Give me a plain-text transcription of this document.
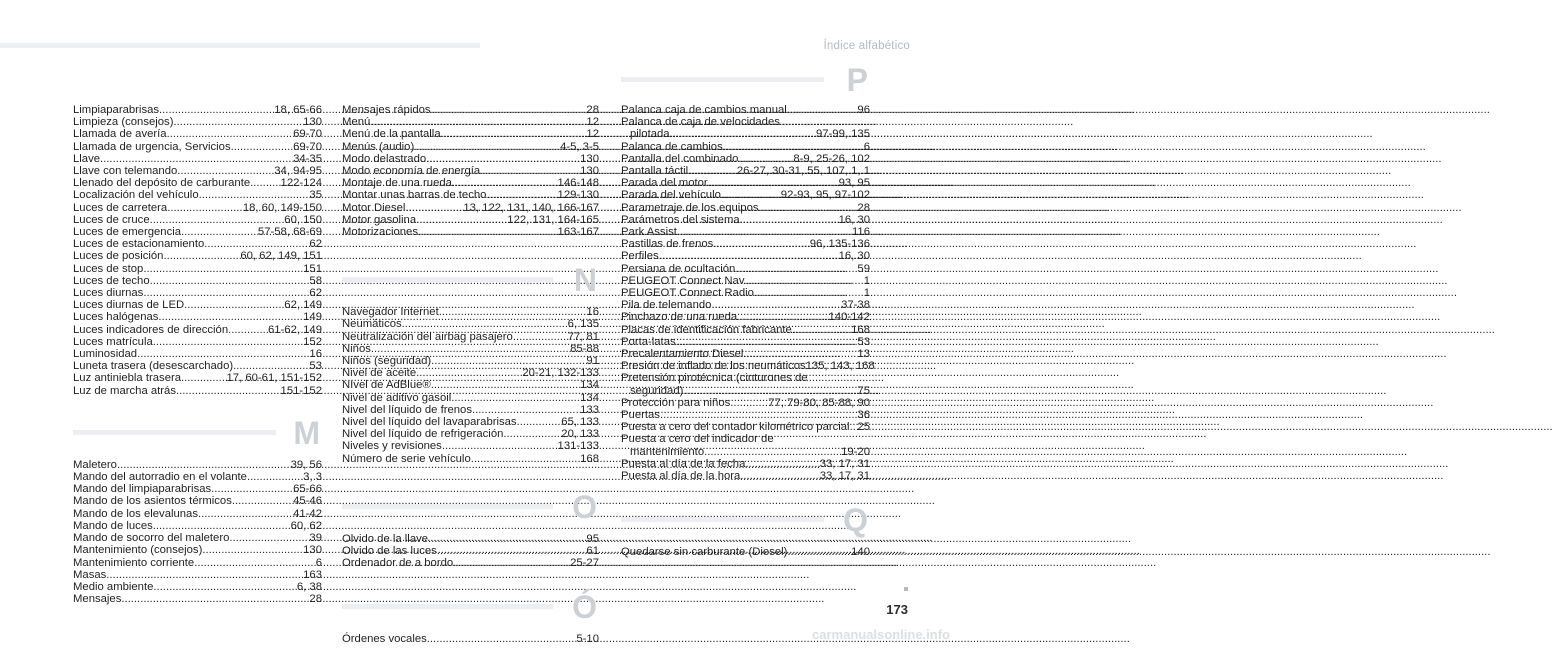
Índice alfabético
Limpiaparabrisas .....	18, 65-66
Limpieza (consejos) .....	130
Llamada de avería .....	69-70
Llamada de urgencia, Servicios .....	69-70
Llave .....	34-35
Llave con telemando .....	34, 94-95
Llenado del depósito de carburante .....	122-124
Localización del vehículo .....	35
Luces de carretera .....	18, 60, 149-150
Luces de cruce .....	60, 150
Luces de emergencia .....	57-58, 68-69
Luces de estacionamiento .....	62
Luces de posición .....	60, 62, 149, 151
Luces de stop .....	151
Luces de techo .....	58
Luces diurnas .....	62
Luces diurnas de LED .....	62, 149
Luces halógenas .....	149
Luces indicadores de dirección .....	61-62, 149
Luces matrícula .....	152
Luminosidad .....	16
Luneta trasera (desescarchado) .....	53
Luz antiniebla trasera .....	17, 60-61, 151-152
Luz de marcha atrás .....	151-152
M
Maletero .....	39, 56
Mando del autorradio en el volante .....	3, 3
Mando del limpiaparabrisas .....	65-66
Mando de los asientos térmicos .....	45-46
Mando de los elevalunas .....	41-42
Mando de luces .....	60, 62
Mando de socorro del maletero .....	39
Mantenimiento (consejos) .....	130
Mantenimiento corriente .....	6
Masas .....	163
Medio ambiente .....	6, 38
Mensajes .....	28
Mensajes rápidos .....	28
Menú .....	12
Menú de la pantalla .....	12
Menús (audio) .....	4-5, 3-5
Modo delastrado .....	130
Modo economía de energía .....	130
Montaje de una rueda .....	146-148
Montar unas barras de techo .....	129-130
Motor Diesel .....	13, 122, 131, 140, 166-167
Motor gasolina .....	122, 131, 164-165
Motorizaciones .....	163-167
N
Navegador Internet .....	16
Neumáticos .....	6, 135
Neutralización del airbag pasajero .....	77, 81
Niños .....	85-88
Niños (seguridad) .....	91
Nivel de aceite .....	20-21, 132-133
NIvel de AdBlue® .....	134
Nivel de aditivo gasoil .....	134
Nivel del líquido de frenos .....	133
Nivel del líquido del lavaparabrisas .....	65, 133
Nivel del líquido de refrigeración .....	20, 133
Niveles y revisiones .....	131-133
Número de serie vehículo .....	168
O
Olvido de la llave .....	95
Olvido de las luces .....	61
Ordenador de a bordo .....	25-27
Ó
Órdenes vocales .....	5-10
P
Palanca caja de cambios manual .....	96
Palanca de caja de velocidades
pilotada .....	97-99, 135
Palanca de cambios .....	6
Pantalla del combinado .....	8-9, 25-26, 102
Pantalla táctil .....	26-27, 30-31, 55, 107, 1, 1
Parada del motor .....	93, 95
Parada del vehículo .....	92-93, 95, 97-102
Parametraje de los equipos .....	28
Parámetros del sistema .....	16, 30
Park Assist .....	116
Pastillas de frenos .....	96, 135-136
Perfiles .....	16, 30
Persiana de ocultación .....	59
PEUGEOT Connect Nav .....	1
PEUGEOT Connect Radio .....	1
Pila de telemando .....	37-38
Pinchazo de una rueda .....	140-142
Placas de identificación fabricante .....	168
Porta-latas .....	53
Precalentamiento Diesel .....	13
Presión de inflado de los neumáticos135, 143, 168
Pretensión pirotécnica (cinturones de
seguridad) .....	75
Protección para niños .....	77, 79-80, 85-88, 90
Puertas .....	36
Puesta a cero del contador kilométrico parcial ..... 25
Puesta a cero del indicador de
mantenimiento .....	19-20
Puesta al día de la fecha .....	33, 17, 31
Puesta al día de la hora .....	33, 17, 31
Q
Quedarse sin carburante (Diesel) .....	140
173
carmanualsonline.info
